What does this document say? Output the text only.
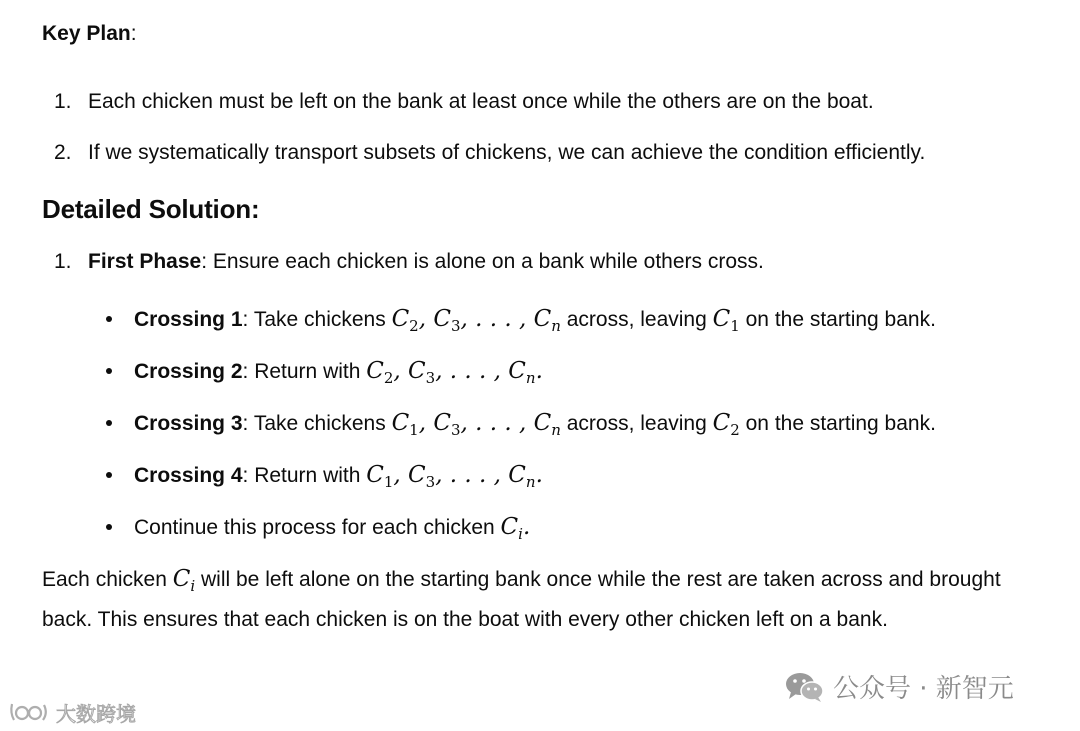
Key Plan:

1. Each chicken must be left on the bank at least once while the others are on the boat.
2. If we systematically transport subsets of chickens, we can achieve the condition efficiently.
Detailed Solution:
1. First Phase: Ensure each chicken is alone on a bank while others cross.
Crossing 1: Take chickens $C_2$, $C_3$, . . . , $C_n$ across, leaving $C_1$ on the starting bank.
Crossing 2: Return with $C_2$, $C_3$, . . . , $C_n$.
Crossing 3: Take chickens $C_1$, $C_3$, . . . , $C_n$ across, leaving $C_2$ on the starting bank.
Crossing 4: Return with $C_1$, $C_3$, . . . , $C_n$.
Continue this process for each chicken $C_i$.

Each chicken $C_i$ will be left alone on the starting bank once while the rest are taken across and brought back. This ensures that each chicken is on the boat with every other chicken left on a bank.

公众号 · 新智元
大数跨境
